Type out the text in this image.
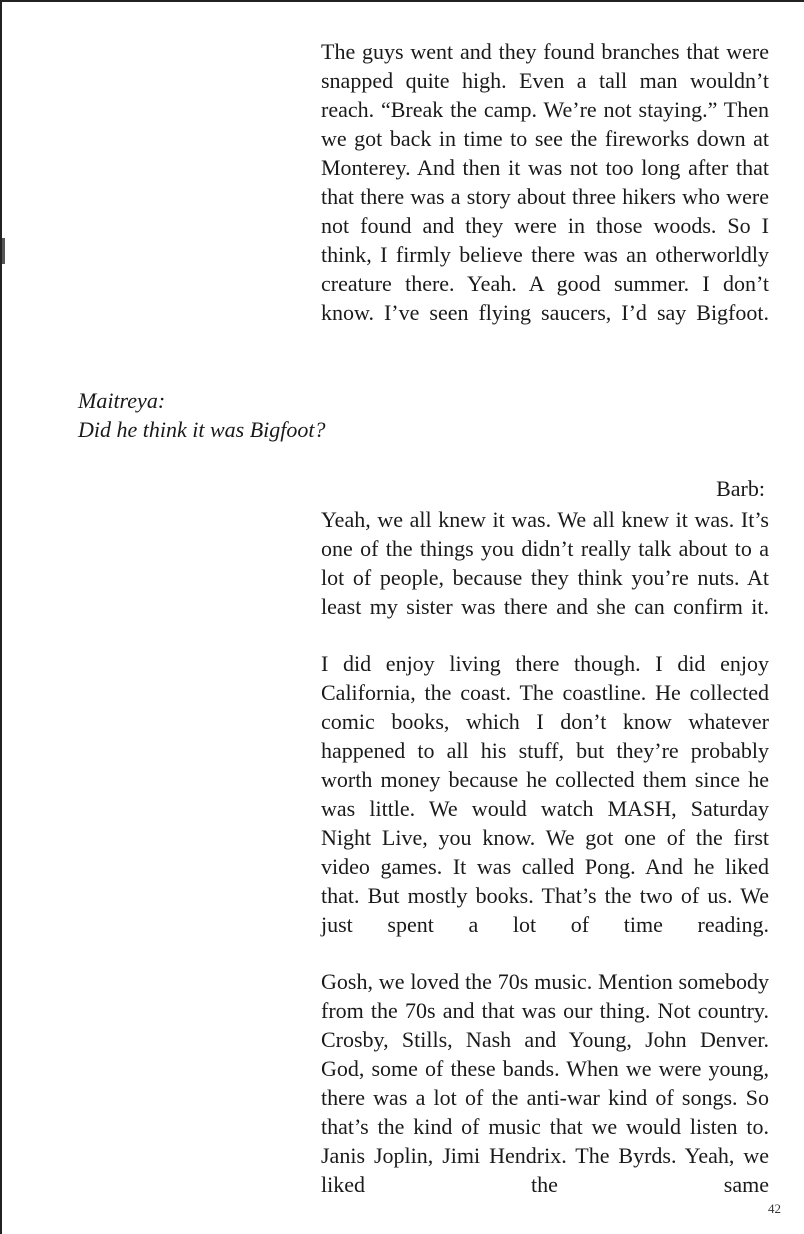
The guys went and they found branches that were snapped quite high. Even a tall man wouldn’t reach. “Break the camp. We’re not staying.” Then we got back in time to see the fireworks down at Monterey. And then it was not too long after that that there was a story about three hikers who were not found and they were in those woods. So I think, I firmly believe there was an otherworldly creature there. Yeah. A good summer. I don’t know. I’ve seen flying saucers, I’d say Bigfoot.

Maitreya:

Did he think it was Bigfoot?

Barb:

Yeah, we all knew it was. We all knew it was. It’s one of the things you didn’t really talk about to a lot of people, because they think you’re nuts. At least my sister was there and she can confirm it.

I did enjoy living there though. I did enjoy California, the coast. The coastline. He collected comic books, which I don’t know whatever happened to all his stuff, but they’re probably worth money because he collected them since he was little. We would watch MASH, Saturday Night Live, you know. We got one of the first video games. It was called Pong. And he liked that. But mostly books. That’s the two of us. We just spent a lot of time reading.

Gosh, we loved the 70s music. Mention somebody from the 70s and that was our thing. Not country. Crosby, Stills, Nash and Young, John Denver. God, some of these bands. When we were young, there was a lot of the anti-war kind of songs. So that’s the kind of music that we would listen to. Janis Joplin, Jimi Hendrix. The Byrds. Yeah, we liked the same

42
